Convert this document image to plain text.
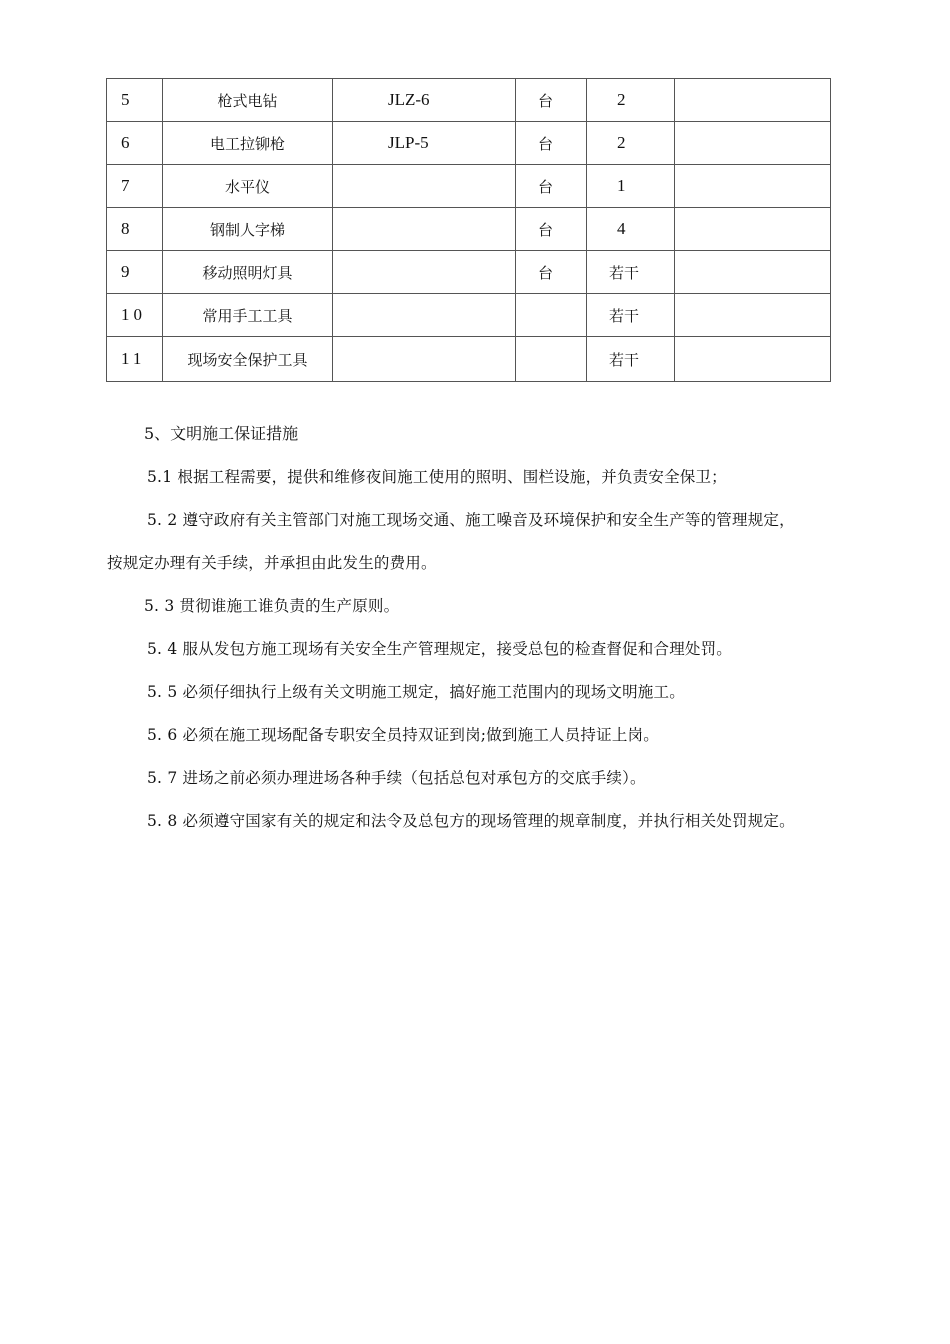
5	枪式电钻	JLZ-6	台	2	
6	电工拉铆枪	JLP-5	台	2	
7	水平仪		台	1	
8	钢制人字梯		台	4	
9	移动照明灯具		台	若干	
10	常用手工工具			若干	
11	现场安全保护工具			若干	
5、文明施工保证措施
5.1 根据工程需要，提供和维修夜间施工使用的照明、围栏设施，并负责安全保卫；
5. 2 遵守政府有关主管部门对施工现场交通、施工噪音及环境保护和安全生产等的管理规定，
按规定办理有关手续，并承担由此发生的费用。
5. 3 贯彻谁施工谁负责的生产原则。
5. 4 服从发包方施工现场有关安全生产管理规定，接受总包的检查督促和合理处罚。
5. 5 必须仔细执行上级有关文明施工规定，搞好施工范围内的现场文明施工。
5. 6 必须在施工现场配备专职安全员持双证到岗;做到施工人员持证上岗。
5. 7 进场之前必须办理进场各种手续（包括总包对承包方的交底手续）。
5. 8 必须遵守国家有关的规定和法令及总包方的现场管理的规章制度，并执行相关处罚规定。
